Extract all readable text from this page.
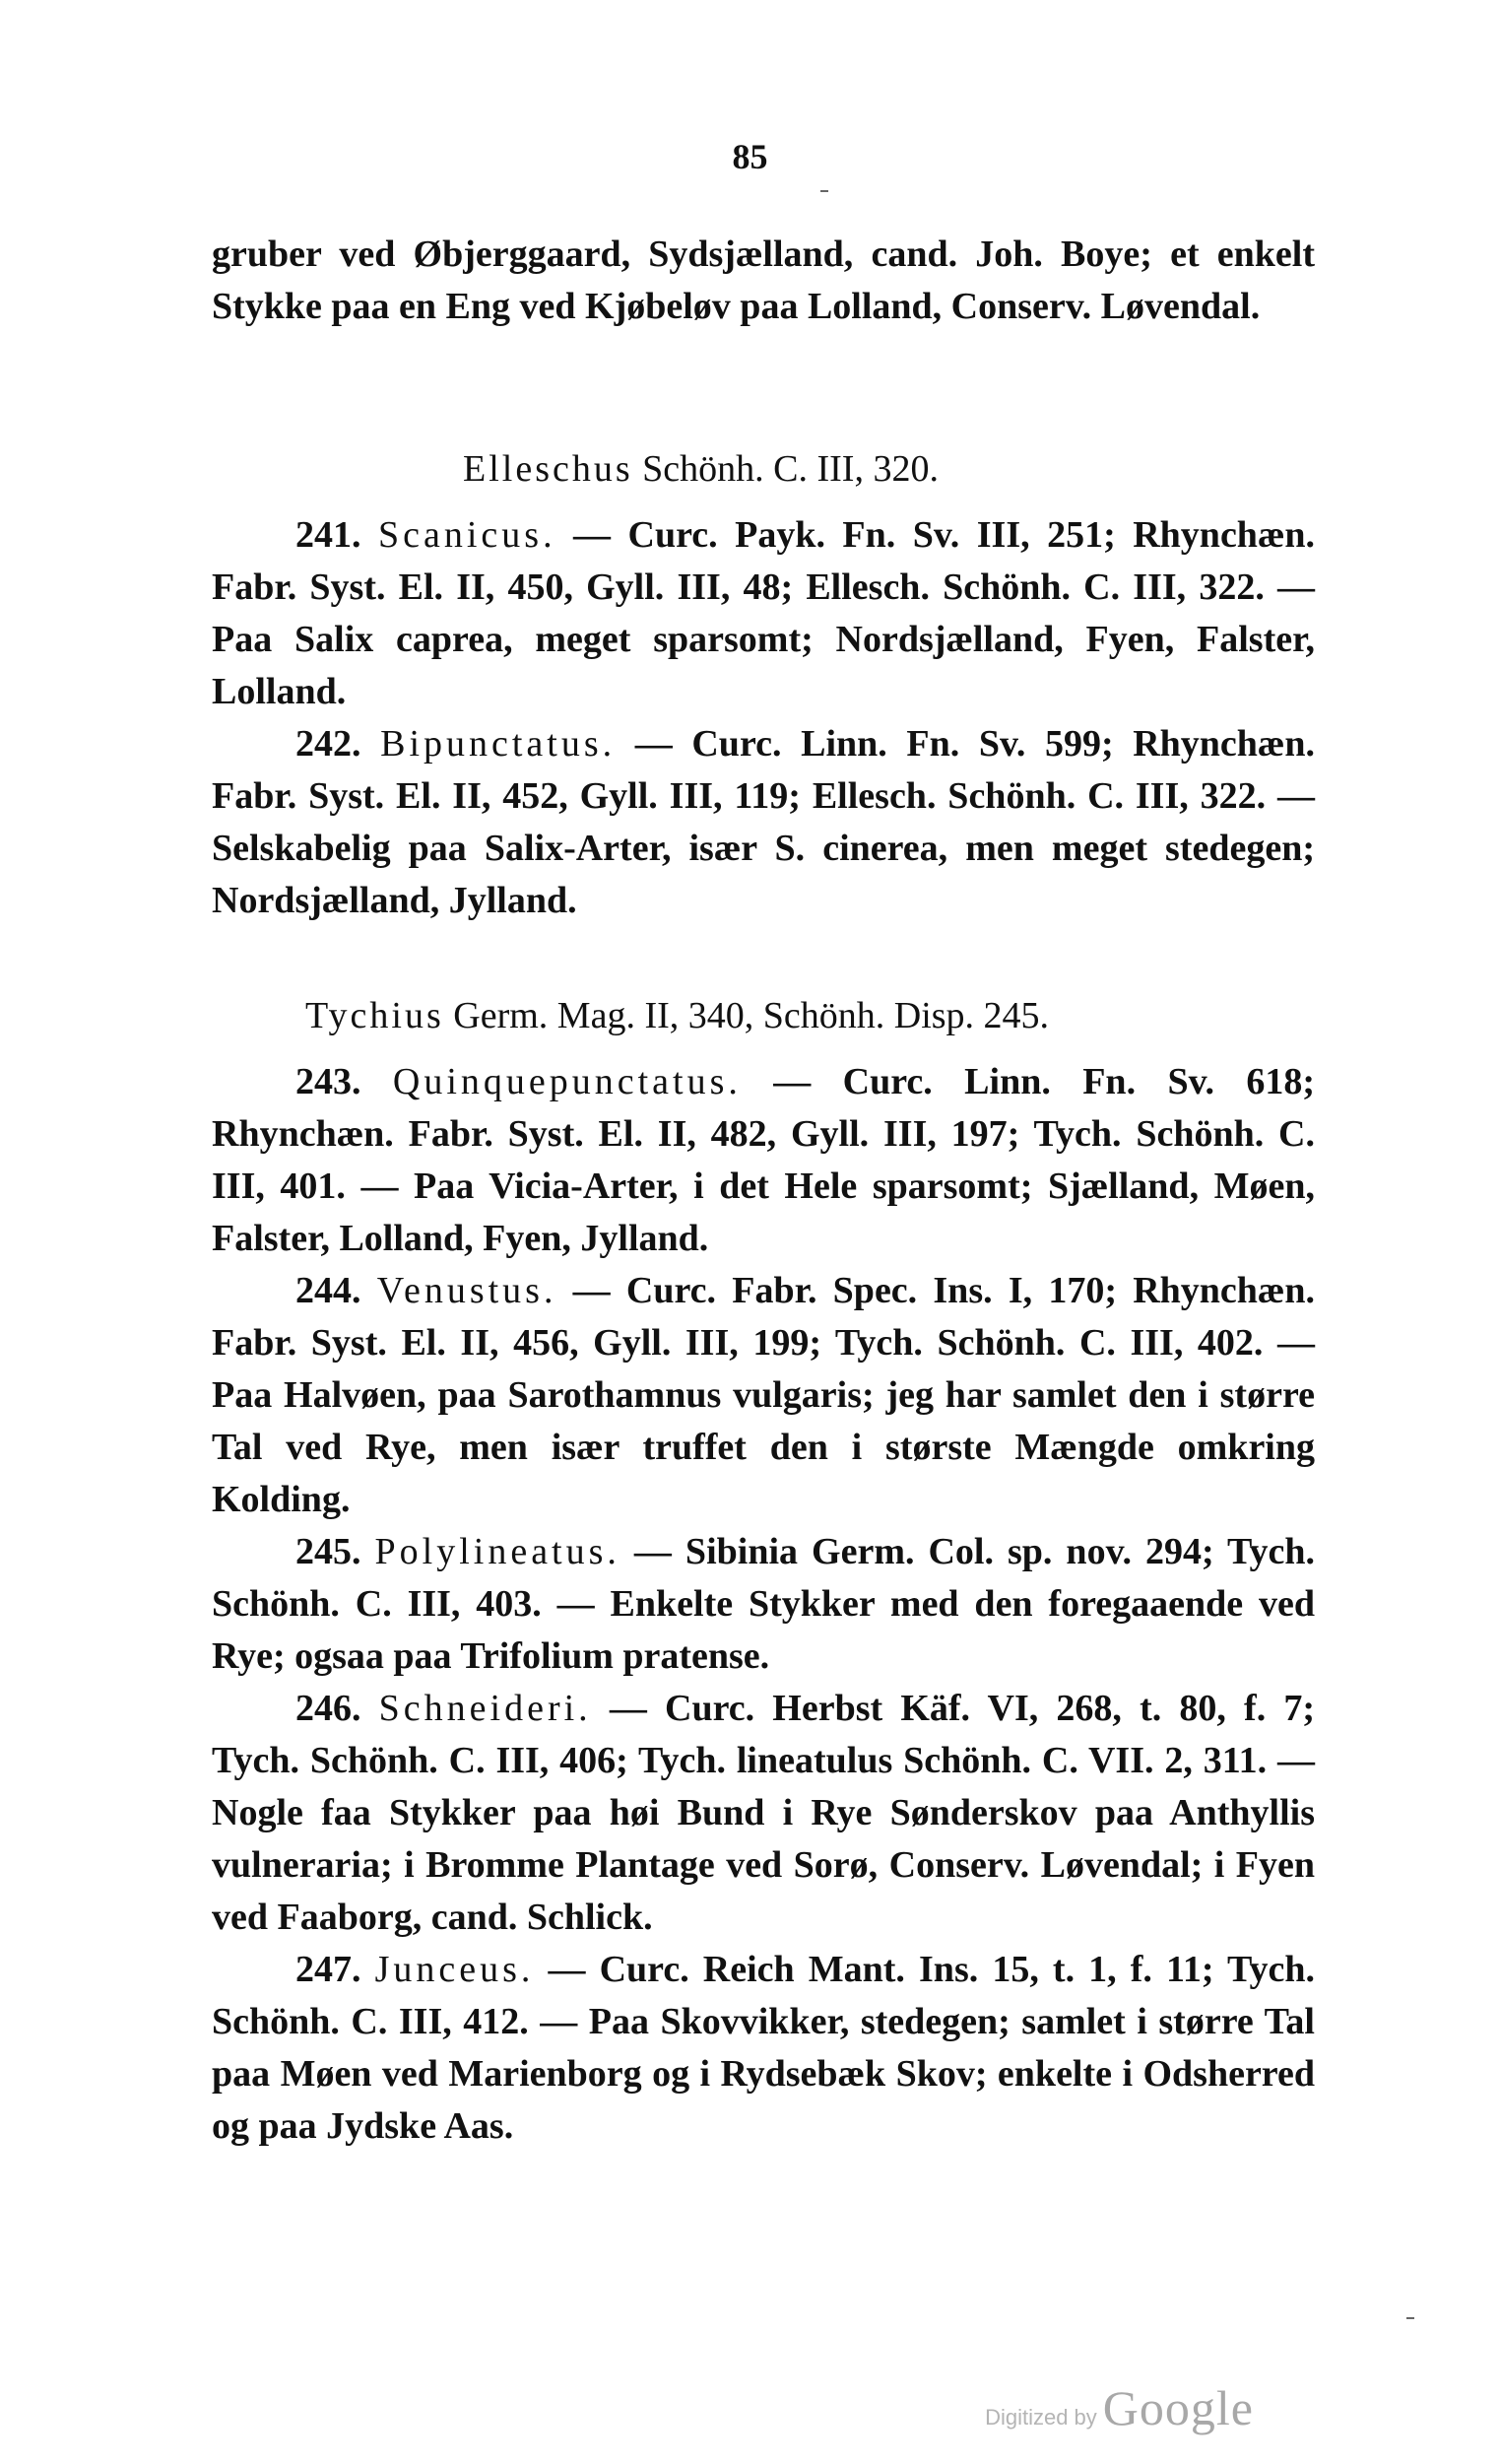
85

gruber ved Øbjerggaard, Sydsjælland, cand. Joh. Boye; et enkelt Stykke paa en Eng ved Kjøbeløv paa Lolland, Conserv. Løvendal.

Elleschus Schönh. C. III, 320.

241. Scanicus. — Curc. Payk. Fn. Sv. III, 251; Rhynchæn. Fabr. Syst. El. II, 450, Gyll. III, 48; Ellesch. Schönh. C. III, 322. — Paa Salix caprea, meget sparsomt; Nordsjælland, Fyen, Falster, Lolland.

242. Bipunctatus. — Curc. Linn. Fn. Sv. 599; Rhynchæn. Fabr. Syst. El. II, 452, Gyll. III, 119; Ellesch. Schönh. C. III, 322. — Selskabelig paa Salix-Arter, især S. cinerea, men meget stedegen; Nordsjælland, Jylland.

Tychius Germ. Mag. II, 340, Schönh. Disp. 245.

243. Quinquepunctatus. — Curc. Linn. Fn. Sv. 618; Rhynchæn. Fabr. Syst. El. II, 482, Gyll. III, 197; Tych. Schönh. C. III, 401. — Paa Vicia-Arter, i det Hele sparsomt; Sjælland, Møen, Falster, Lolland, Fyen, Jylland.

244. Venustus. — Curc. Fabr. Spec. Ins. I, 170; Rhynchæn. Fabr. Syst. El. II, 456, Gyll. III, 199; Tych. Schönh. C. III, 402. — Paa Halvøen, paa Sarothamnus vulgaris; jeg har samlet den i større Tal ved Rye, men især truffet den i største Mængde omkring Kolding.

245. Polylineatus. — Sibinia Germ. Col. sp. nov. 294; Tych. Schönh. C. III, 403. — Enkelte Stykker med den foregaaende ved Rye; ogsaa paa Trifolium pratense.

246. Schneideri. — Curc. Herbst Käf. VI, 268, t. 80, f. 7; Tych. Schönh. C. III, 406; Tych. lineatulus Schönh. C. VII. 2, 311. — Nogle faa Stykker paa høi Bund i Rye Sønderskov paa Anthyllis vulneraria; i Bromme Plantage ved Sorø, Conserv. Løvendal; i Fyen ved Faaborg, cand. Schlick.

247. Junceus. — Curc. Reich Mant. Ins. 15, t. 1, f. 11; Tych. Schönh. C. III, 412. — Paa Skovvikker, stedegen; samlet i større Tal paa Møen ved Marienborg og i Rydsebæk Skov; enkelte i Odsherred og paa Jydske Aas.

Digitized by Google
